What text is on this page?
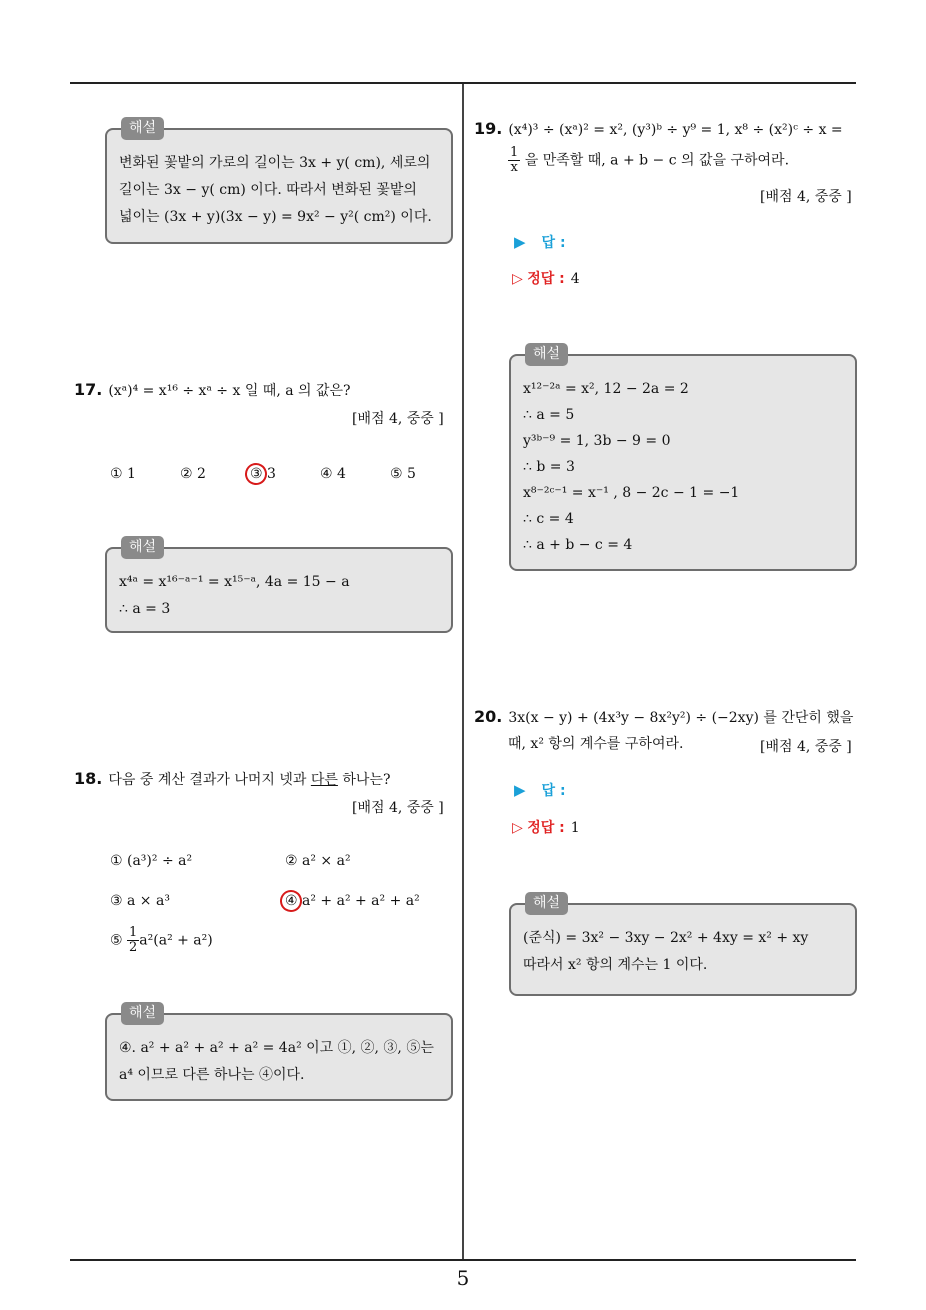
해설
변화된 꽃밭의 가로의 길이는 3x + y( cm), 세로의
길이는 3x − y( cm) 이다. 따라서 변화된 꽃밭의
넓이는 (3x + y)(3x − y) = 9x² − y²( cm²) 이다.
17. (xᵃ)⁴ = x¹⁶ ÷ xᵃ ÷ x 일 때, a 의 값은?
[배점 4, 중중 ]
① 1	② 2	③ 3	④ 4	⑤ 5
해설
x⁴ᵃ = x¹⁶⁻ᵃ⁻¹ = x¹⁵⁻ᵃ, 4a = 15 − a
∴ a = 3
18. 다음 중 계산 결과가 나머지 넷과 다른 하나는?
[배점 4, 중중 ]
① (a³)² ÷ a²	② a² × a²
③ a × a³	④ a² + a² + a² + a²
⑤ $\frac{1}{2} a^2(a^2 + a^2)$
해설
④. a² + a² + a² + a² = 4a² 이고 ①, ②, ③, ⑤는
a⁴ 이므로 다른 하나는 ④이다.
19. (x⁴)³ ÷ (xᵃ)² = x², (y³)ᵇ ÷ y⁹ = 1, x⁸ ÷ (x²)ᶜ ÷ x =
$\frac{1}{x}$ 을 만족할 때, a + b − c 의 값을 구하여라.
[배점 4, 중중 ]
▶ 답 :
▷ 정답 : 4
해설
x¹²⁻²ᵃ = x², 12 − 2a = 2
∴ a = 5
y³ᵇ⁻⁹ = 1, 3b − 9 = 0
∴ b = 3
x⁸⁻²ᶜ⁻¹ = x⁻¹ , 8 − 2c − 1 = −1
∴ c = 4
∴ a + b − c = 4
20. 3x(x − y) + (4x³y − 8x²y²) ÷ (−2xy) 를 간단히 했을
때, x² 항의 계수를 구하여라.	[배점 4, 중중 ]
▶ 답 :
▷ 정답 : 1
해설
(준식) = 3x² − 3xy − 2x² + 4xy = x² + xy
따라서 x² 항의 계수는 1 이다.
5
